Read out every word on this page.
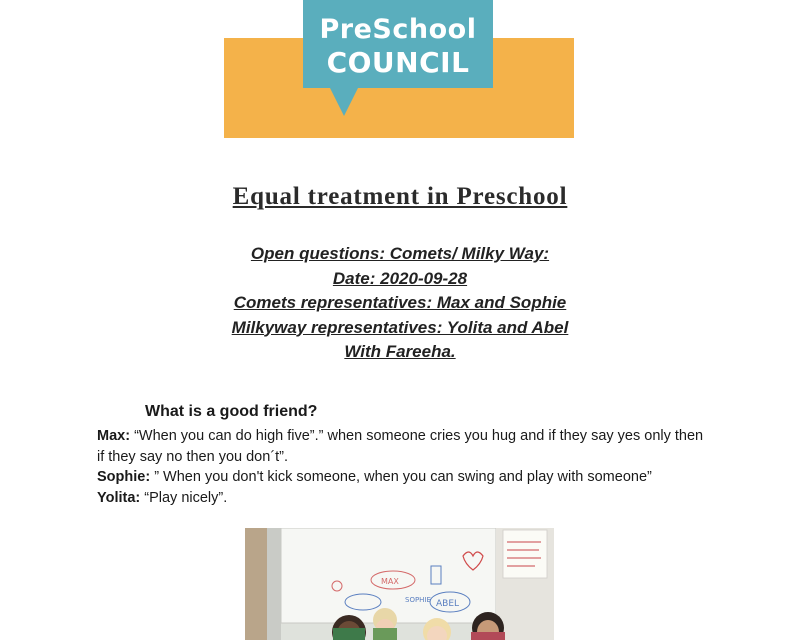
PreSchool
COUNCIL
Equal treatment in Preschool
Open questions: Comets/ Milky Way:
Date: 2020-09-28
Comets representatives: Max and Sophie
Milkyway representatives: Yolita and Abel
With Fareeha.
What is a good friend?

Max: “When you can do high five”.” when someone cries you hug and if they say yes only then if they say no then you don´t”.

Sophie: ” When you don't kick someone, when you can swing and play with someone”

Yolita: “Play nicely”.

MAX
SOPHIE ABEL
